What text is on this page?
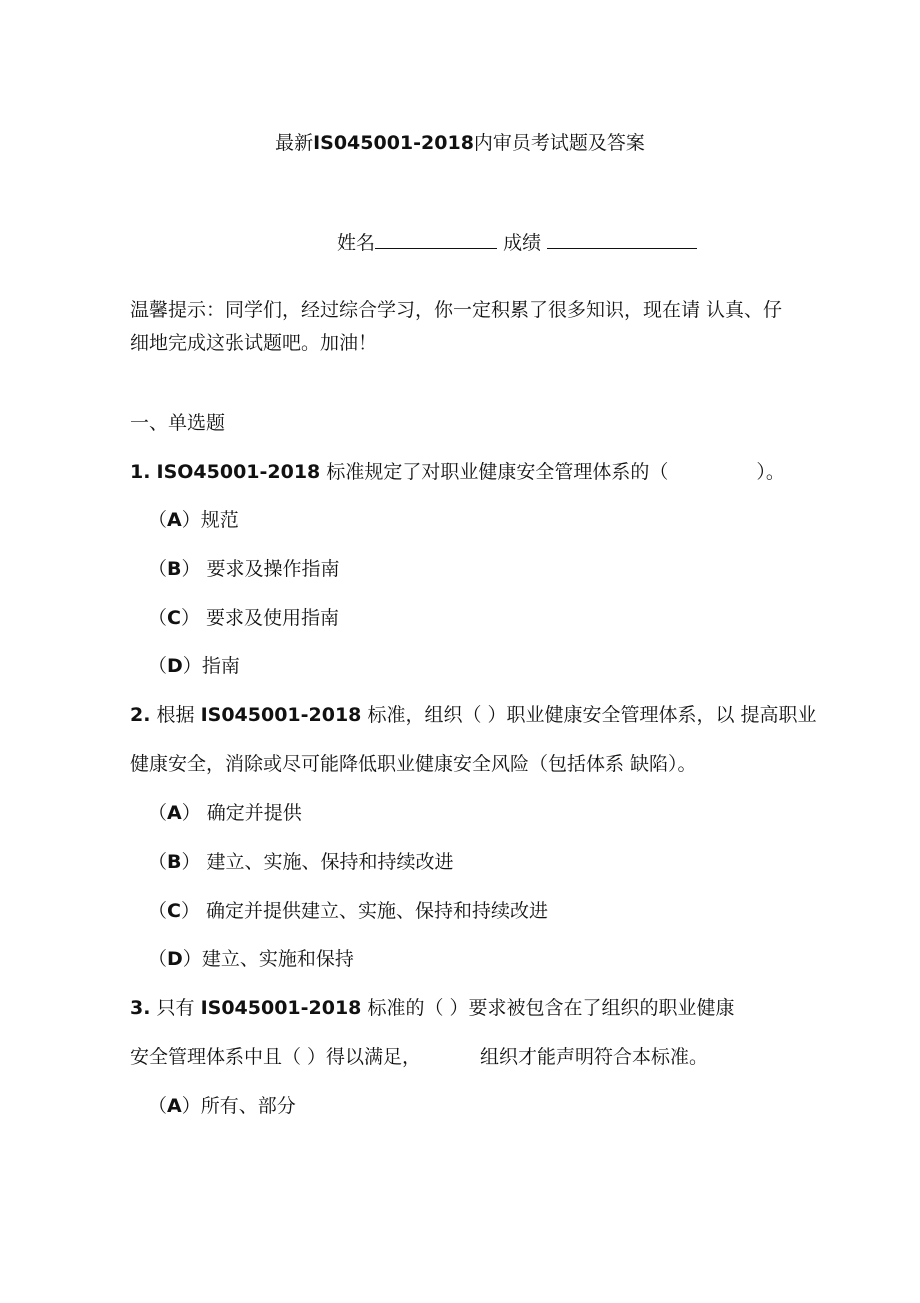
最新IS045001-2018内审员考试题及答案
姓名	成绩
温馨提示：同学们，经过综合学习，你一定积累了很多知识，现在请 认真、仔
细地完成这张试题吧。加油！
一、单选题
1. ISO45001-2018 标准规定了对职业健康安全管理体系的（	）。
（A）规范
（B） 要求及操作指南
（C） 要求及使用指南
（D）指南
2. 根据 IS045001-2018 标准，组织（ ）职业健康安全管理体系，以 提高职业
健康安全，消除或尽可能降低职业健康安全风险（包括体系 缺陷）。
（A） 确定并提供
（B） 建立、实施、保持和持续改进
（C） 确定并提供建立、实施、保持和持续改进
（D）建立、实施和保持
3. 只有 IS045001-2018 标准的（ ）要求被包含在了组织的职业健康
安全管理体系中且（ ）得以满足，	组织才能声明符合本标准。
（A）所有、部分
